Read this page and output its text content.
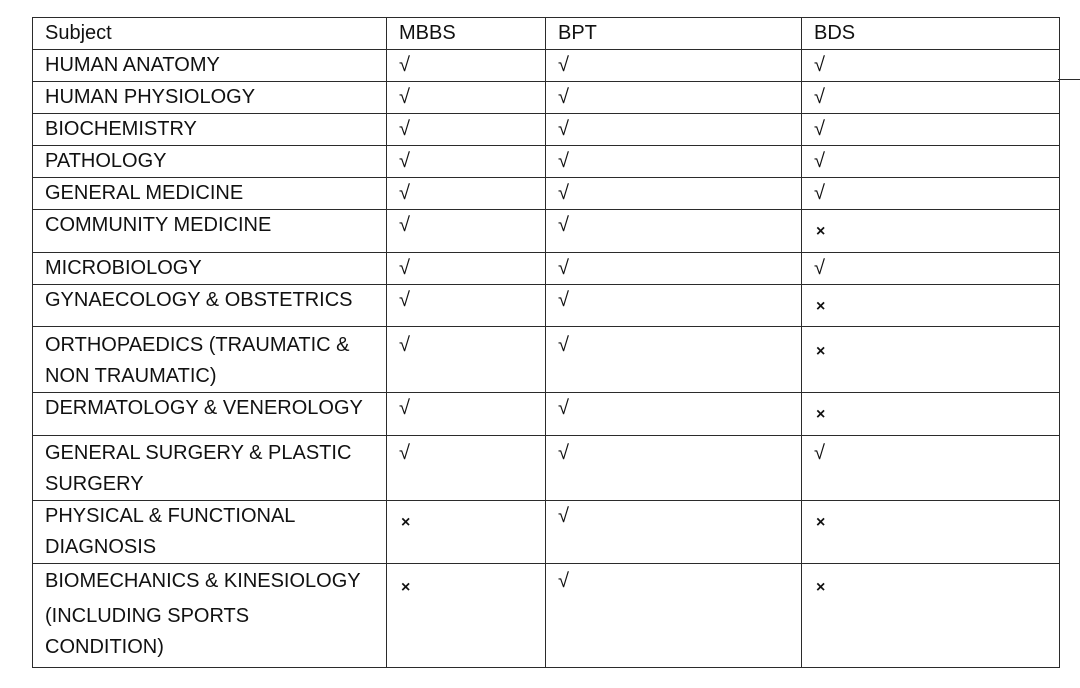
Subject	MBBS	BPT	BDS
HUMAN ANATOMY	√	√	√
HUMAN PHYSIOLOGY	√	√	√
BIOCHEMISTRY	√	√	√
PATHOLOGY	√	√	√
GENERAL MEDICINE	√	√	√
COMMUNITY MEDICINE	√	√	×
MICROBIOLOGY	√	√	√
GYNAECOLOGY & OBSTETRICS	√	√	×

ORTHOPAEDICS (TRAUMATIC &
NON TRAUMATIC)	√	√	×
DERMATOLOGY & VENEROLOGY	√	√	×

GENERAL SURGERY & PLASTIC
SURGERY	√	√	√

PHYSICAL & FUNCTIONAL
DIAGNOSIS	×	√	×

BIOMECHANICS & KINESIOLOGY
(INCLUDING SPORTS
CONDITION)	×	√	×
